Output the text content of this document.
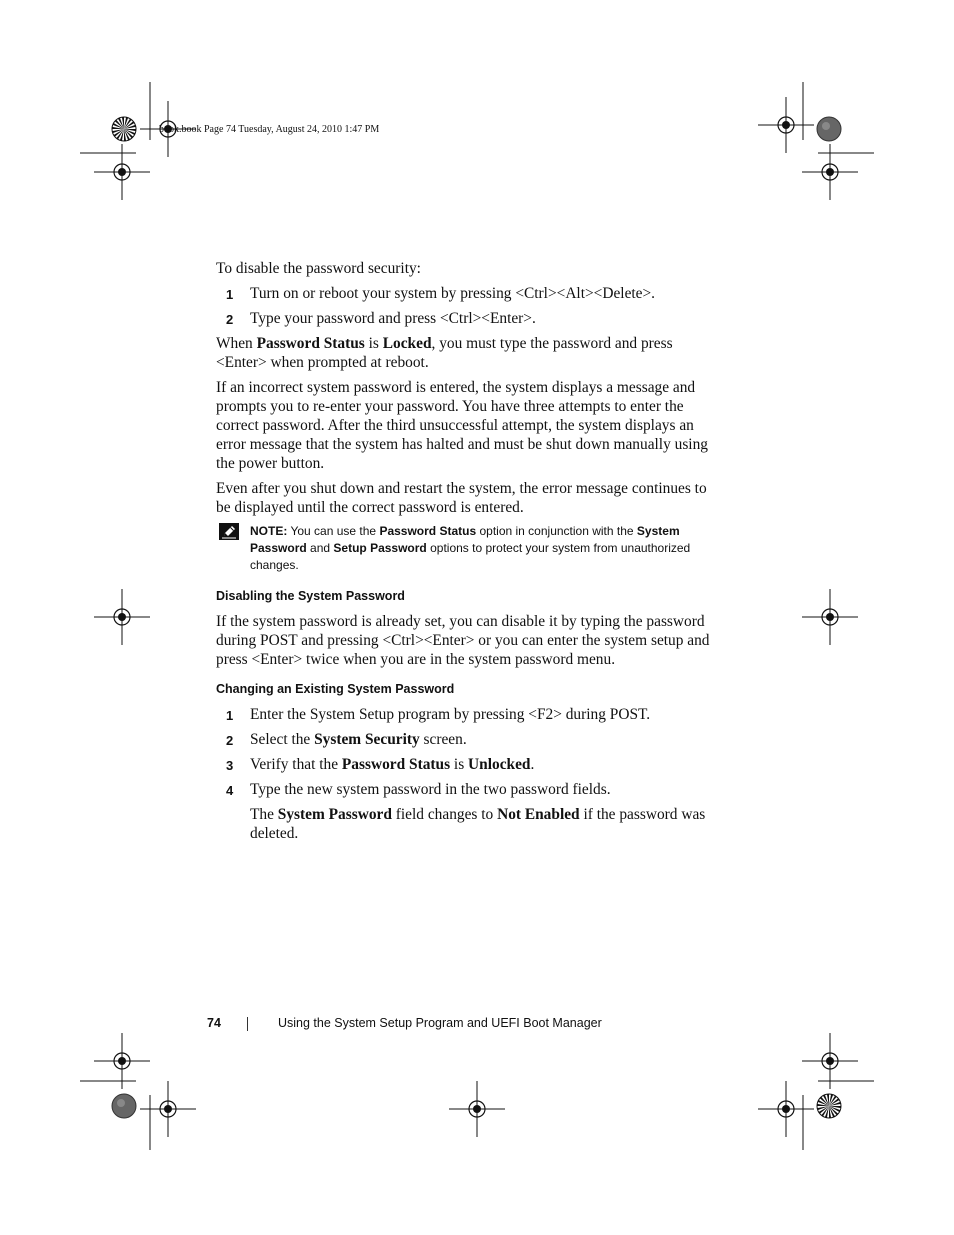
book.book Page 74 Tuesday, August 24, 2010 1:47 PM

To disable the password security:

1 Turn on or reboot your system by pressing <Ctrl><Alt><Delete>.
2 Type your password and press <Ctrl><Enter>.

When Password Status is Locked, you must type the password and press <Enter> when prompted at reboot.

If an incorrect system password is entered, the system displays a message and prompts you to re-enter your password. You have three attempts to enter the correct password. After the third unsuccessful attempt, the system displays an error message that the system has halted and must be shut down manually using the power button.

Even after you shut down and restart the system, the error message continues to be displayed until the correct password is entered.

NOTE: You can use the Password Status option in conjunction with the System Password and Setup Password options to protect your system from unauthorized changes.
Disabling the System Password

If the system password is already set, you can disable it by typing the password during POST and pressing <Ctrl><Enter> or you can enter the system setup and press <Enter> twice when you are in the system password menu.

Changing an Existing System Password
1 Enter the System Setup program by pressing <F2> during POST.
2 Select the System Security screen.
3 Verify that the Password Status is Unlocked.
4 Type the new system password in the two password fields.

The System Password field changes to Not Enabled if the password was deleted.

74	Using the System Setup Program and UEFI Boot Manager
